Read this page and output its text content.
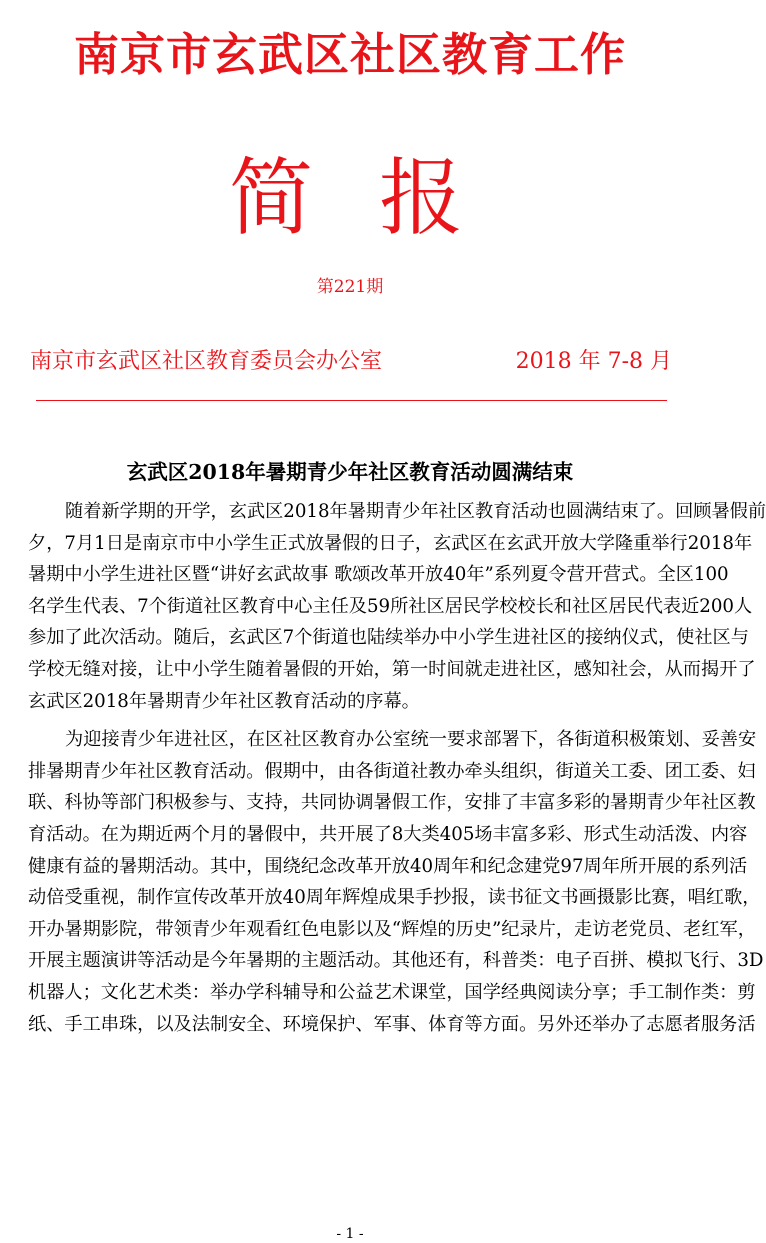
南京市玄武区社区教育工作
简报
第221期
南京市玄武区社区教育委员会办公室	2018 年 7-8 月
玄武区2018年暑期青少年社区教育活动圆满结束
随着新学期的开学，玄武区2018年暑期青少年社区教育活动也圆满结束了。回顾暑假前
夕，7月1日是南京市中小学生正式放暑假的日子，玄武区在玄武开放大学隆重举行2018年
暑期中小学生进社区暨“讲好玄武故事 歌颂改革开放40年”系列夏令营开营式。全区100
名学生代表、7个街道社区教育中心主任及59所社区居民学校校长和社区居民代表近200人
参加了此次活动。随后，玄武区7个街道也陆续举办中小学生进社区的接纳仪式，使社区与
学校无缝对接，让中小学生随着暑假的开始，第一时间就走进社区，感知社会，从而揭开了
玄武区2018年暑期青少年社区教育活动的序幕。
为迎接青少年进社区，在区社区教育办公室统一要求部署下，各街道积极策划、妥善安
排暑期青少年社区教育活动。假期中，由各街道社教办牵头组织，街道关工委、团工委、妇
联、科协等部门积极参与、支持，共同协调暑假工作，安排了丰富多彩的暑期青少年社区教
育活动。在为期近两个月的暑假中，共开展了8大类405场丰富多彩、形式生动活泼、内容
健康有益的暑期活动。其中，围绕纪念改革开放40周年和纪念建党97周年所开展的系列活
动倍受重视，制作宣传改革开放40周年辉煌成果手抄报，读书征文书画摄影比赛，唱红歌，
开办暑期影院，带领青少年观看红色电影以及“辉煌的历史”纪录片，走访老党员、老红军，
开展主题演讲等活动是今年暑期的主题活动。其他还有，科普类：电子百拼、模拟飞行、3D
机器人；文化艺术类：举办学科辅导和公益艺术课堂，国学经典阅读分享；手工制作类：剪
纸、手工串珠，以及法制安全、环境保护、军事、体育等方面。另外还举办了志愿者服务活
- 1 -
